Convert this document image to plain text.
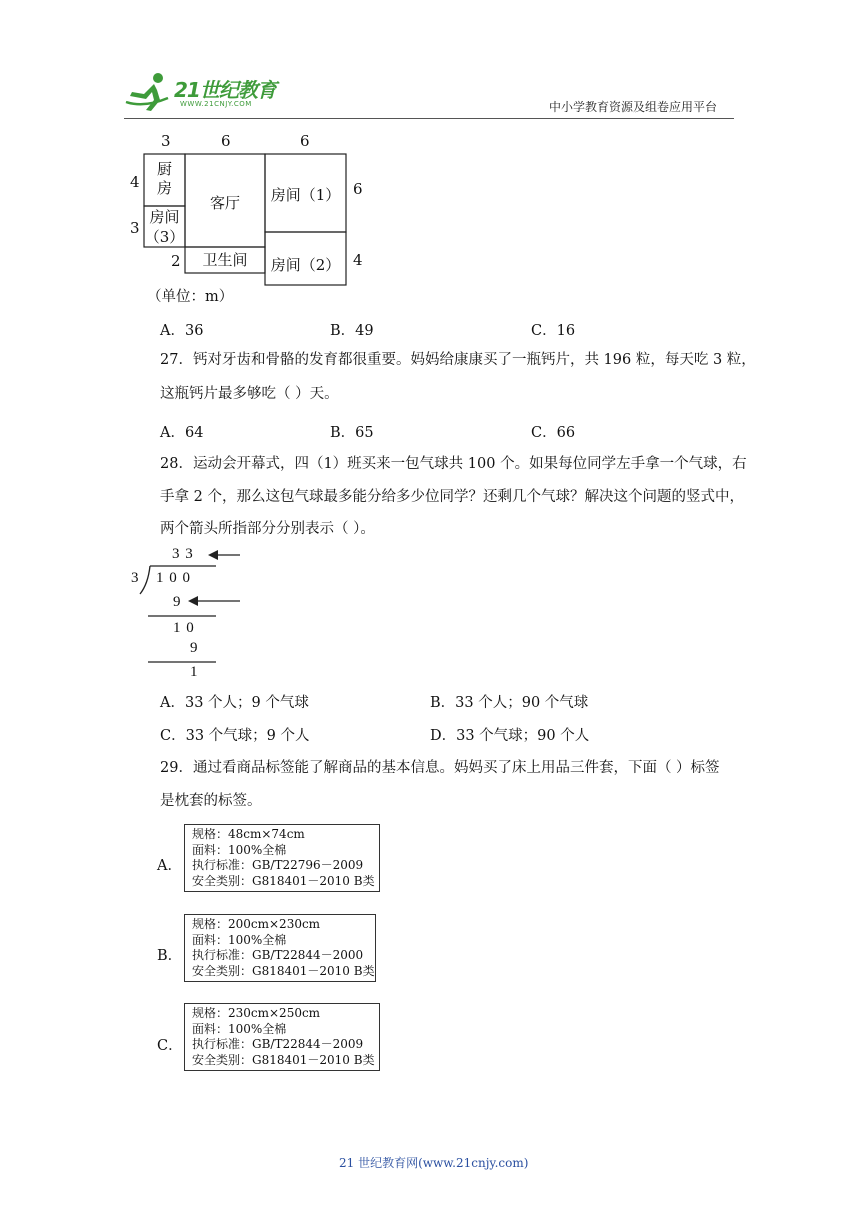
21世纪教育
WWW.21CNJY.COM	中小学教育资源及组卷应用平台
3	6	6
4
3
6
4
2
厨
房
客厅	房间（1）
房间
（3）
卫生间	房间（2）
（单位：m）
A．36	B．49	C．16
27．钙对牙齿和骨骼的发育都很重要。妈妈给康康买了一瓶钙片，共 196 粒，每天吃 3 粒，
这瓶钙片最多够吃（ ）天。
A．64	B．65	C．66
28．运动会开幕式，四（1）班买来一包气球共 100 个。如果每位同学左手拿一个气球，右
手拿 2 个，那么这包气球最多能分给多少位同学？还剩几个气球？解决这个问题的竖式中，
两个箭头所指部分分别表示（ ）。
3 3
3 1 0 0
9
1 0
9
1
A．33 个人；9 个气球	B．33 个人；90 个气球
C．33 个气球；9 个人	D．33 个气球；90 个人
29．通过看商品标签能了解商品的基本信息。妈妈买了床上用品三件套，下面（ ）标签
是枕套的标签。
A．
规格：48cm×74cm
面料：100%全棉
执行标准：GB/T22796－2009
安全类别：G818401－2010 B类
B．
规格：200cm×230cm
面料：100%全棉
执行标准：GB/T22844－2000
安全类别：G818401－2010 B类
C．
规格：230cm×250cm
面料：100%全棉
执行标准：GB/T22844－2009
安全类别：G818401－2010 B类
21 世纪教育网(www.21cnjy.com)
